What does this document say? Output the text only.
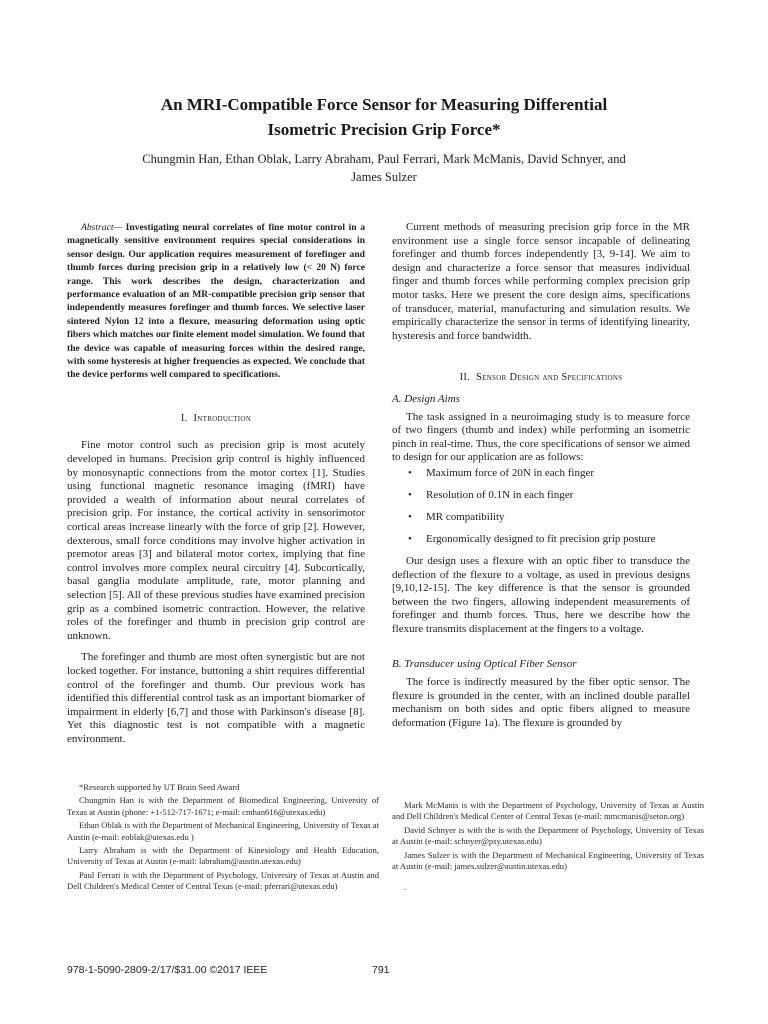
An MRI-Compatible Force Sensor for Measuring Differential
Isometric Precision Grip Force*
Chungmin Han, Ethan Oblak, Larry Abraham, Paul Ferrari, Mark McManis, David Schnyer, and
James Sulzer

Abstract— Investigating neural correlates of fine motor control in a magnetically sensitive environment requires special considerations in sensor design. Our application requires measurement of forefinger and thumb forces during precision grip in a relatively low (< 20 N) force range. This work describes the design, characterization and performance evaluation of an MR-compatible precision grip sensor that independently measures forefinger and thumb forces. We selective laser sintered Nylon 12 into a flexure, measuring deformation using optic fibers which matches our finite element model simulation. We found that the device was capable of measuring forces within the desired range, with some hysteresis at higher frequencies as expected. We conclude that the device performs well compared to specifications.

I. Introduction

Fine motor control such as precision grip is most acutely developed in humans. Precision grip control is highly influenced by monosynaptic connections from the motor cortex [1]. Studies using functional magnetic resonance imaging (fMRI) have provided a wealth of information about neural correlates of precision grip. For instance, the cortical activity in sensorimotor cortical areas increase linearly with the force of grip [2]. However, dexterous, small force conditions may involve higher activation in premotor areas [3] and bilateral motor cortex, implying that fine control involves more complex neural circuitry [4]. Subcortically, basal ganglia modulate amplitude, rate, motor planning and selection [5]. All of these previous studies have examined precision grip as a combined isometric contraction. However, the relative roles of the forefinger and thumb in precision grip control are unknown.

The forefinger and thumb are most often synergistic but are not locked together. For instance, buttoning a shirt requires differential control of the forefinger and thumb. Our previous work has identified this differential control task as an important biomarker of impairment in elderly [6,7] and those with Parkinson's disease [8]. Yet this diagnostic test is not compatible with a magnetic environment.

Current methods of measuring precision grip force in the MR environment use a single force sensor incapable of delineating forefinger and thumb forces independently [3, 9-14]. We aim to design and characterize a force sensor that measures individual finger and thumb forces while performing complex precision grip motor tasks. Here we present the core design aims, specifications of transducer, material, manufacturing and simulation results. We empirically characterize the sensor in terms of identifying linearity, hysteresis and force bandwidth.

II. Sensor Design and Specifications
A. Design Aims

The task assigned in a neuroimaging study is to measure force of two fingers (thumb and index) while performing an isometric pinch in real-time. Thus, the core specifications of sensor we aimed to design for our application are as follows:

• Maximum force of 20N in each finger
• Resolution of 0.1N in each finger
• MR compatibility
• Ergonomically designed to fit precision grip posture

Our design uses a flexure with an optic fiber to transduce the deflection of the flexure to a voltage, as used in previous designs [9,10,12-15]. The key difference is that the sensor is grounded between the two fingers, allowing independent measurements of forefinger and thumb forces. Thus, here we describe how the flexure transmits displacement at the fingers to a voltage.

B. Transducer using Optical Fiber Sensor

The force is indirectly measured by the fiber optic sensor. The flexure is grounded in the center, with an inclined double parallel mechanism on both sides and optic fibers aligned to measure deformation (Figure 1a). The flexure is grounded by

*Research supported by UT Brain Seed Award

Chungmin Han is with the Department of Biomedical Engineering, University of Texas at Austin (phone: +1-512-717-1671; e-mail: cmhan616@utexas.edu)

Ethan Oblak is with the Department of Mechanical Engineering, University of Texas at Austin (e-mail: eoblak@utexas.edu )

Larry Abraham is with the Department of Kinesiology and Health Education, University of Texas at Austin (e-mail: labraham@austin.utexas.edu)

Paul Ferrari is with the Department of Psychology, University of Texas at Austin and Dell Children's Medical Center of Central Texas (e-mail: pferrari@utexas.edu)

Mark McManis is with the Department of Psychology, University of Texas at Austin and Dell Children's Medical Center of Central Texas (e-mail: mmcmanis@seton.org)

David Schnyer is with the is with the Department of Psychology, University of Texas at Austin (e-mail: schnyer@psy.utexas.edu)

James Sulzer is with the Department of Mechanical Engineering, University of Texas at Austin (e-mail: james.sulzer@austin.utexas.edu)

.

978-1-5090-2809-2/17/$31.00 ©2017 IEEE	791
